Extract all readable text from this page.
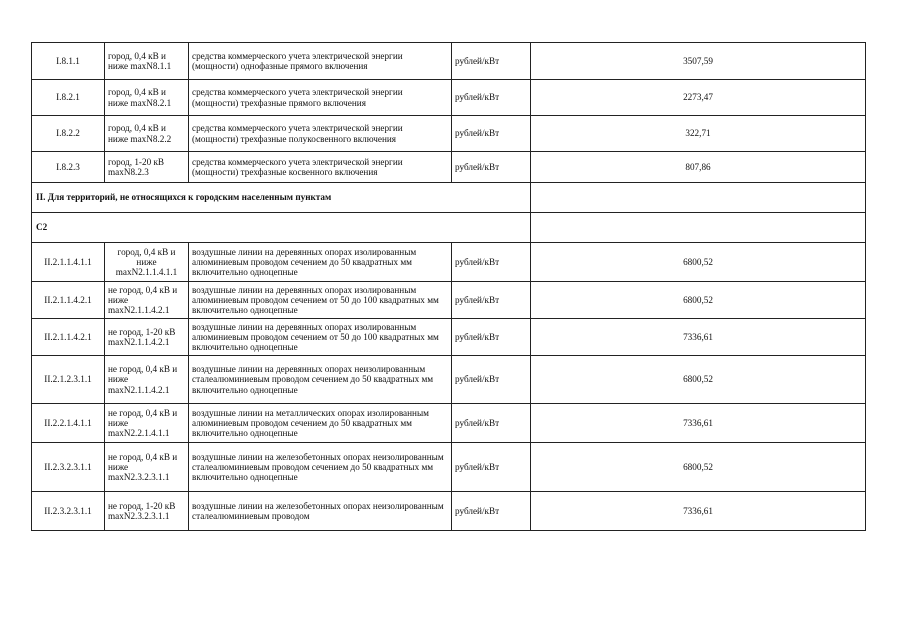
I.8.1.1	город, 0,4 кВ и ниже maxN8.1.1	средства коммерческого учета электрической энергии (мощности) однофазные прямого включения	рублей/кВт	3507,59
I.8.2.1	город, 0,4 кВ и ниже maxN8.2.1	средства коммерческого учета электрической энергии (мощности) трехфазные прямого включения	рублей/кВт	2273,47
I.8.2.2	город, 0,4 кВ и ниже maxN8.2.2	средства коммерческого учета электрической энергии (мощности) трехфазные полукосвенного включения	рублей/кВт	322,71
I.8.2.3	город, 1-20 кВ maxN8.2.3	средства коммерческого учета электрической энергии (мощности) трехфазные косвенного включения	рублей/кВт	807,86
II. Для территорий, не относящихся к городским населенным пунктам				
С2				
II.2.1.1.4.1.1	город, 0,4 кВ и ниже maxN2.1.1.4.1.1	воздушные линии на деревянных опорах изолированным алюминиевым проводом сечением до 50 квадратных мм включительно одноцепные	рублей/кВт	6800,52
II.2.1.1.4.2.1	не город, 0,4 кВ и ниже maxN2.1.1.4.2.1	воздушные линии на деревянных опорах изолированным алюминиевым проводом сечением от 50 до 100 квадратных мм включительно одноцепные	рублей/кВт	6800,52
II.2.1.1.4.2.1	не город, 1-20 кВ maxN2.1.1.4.2.1	воздушные линии на деревянных опорах изолированным алюминиевым проводом сечением от 50 до 100 квадратных мм включительно одноцепные	рублей/кВт	7336,61
II.2.1.2.3.1.1	не город, 0,4 кВ и ниже maxN2.1.1.4.2.1	воздушные линии на деревянных опорах неизолированным сталеалюминиевым проводом сечением до 50 квадратных мм включительно одноцепные	рублей/кВт	6800,52
II.2.2.1.4.1.1	не город, 0,4 кВ и ниже maxN2.2.1.4.1.1	воздушные линии на металлических опорах изолированным алюминиевым проводом сечением до 50 квадратных мм включительно одноцепные	рублей/кВт	7336,61
II.2.3.2.3.1.1	не город, 0,4 кВ и ниже maxN2.3.2.3.1.1	воздушные линии на железобетонных опорах неизолированным сталеалюминиевым проводом сечением до 50 квадратных мм включительно одноцепные	рублей/кВт	6800,52
II.2.3.2.3.1.1	не город, 1-20 кВ maxN2.3.2.3.1.1	воздушные линии на железобетонных опорах неизолированным сталеалюминиевым проводом	рублей/кВт	7336,61
